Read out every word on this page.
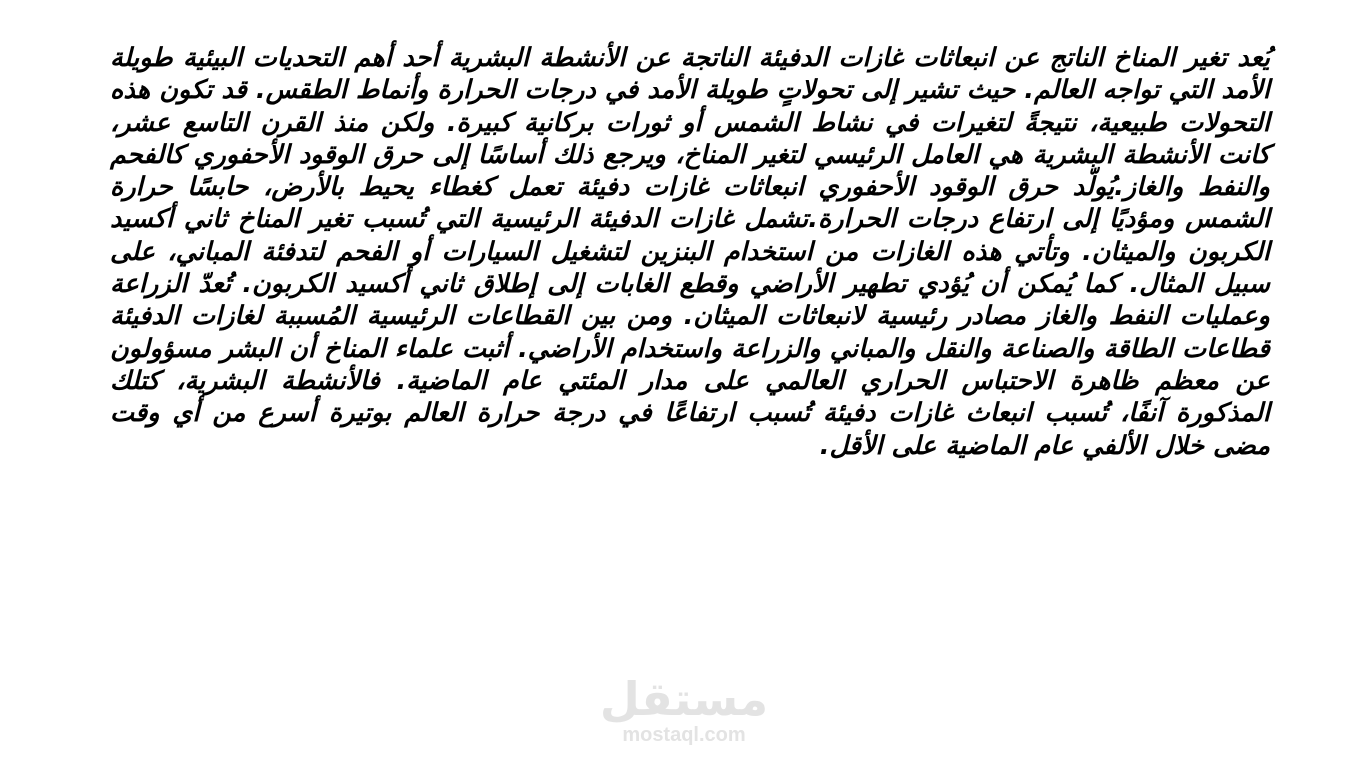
يُعد تغير المناخ الناتج عن انبعاثات غازات الدفيئة الناتجة عن الأنشطة البشرية أحد أهم التحديات البيئية طويلة الأمد التي تواجه العالم. حيث تشير إلى تحولاتٍ طويلة الأمد في درجات الحرارة وأنماط الطقس. قد تكون هذه التحولات طبيعية، نتيجةً لتغيرات في نشاط الشمس أو ثورات بركانية كبيرة. ولكن منذ القرن التاسع عشر، كانت الأنشطة البشرية هي العامل الرئيسي لتغير المناخ، ويرجع ذلك أساسًا إلى حرق الوقود الأحفوري كالفحم والنفط والغاز.يُولّد حرق الوقود الأحفوري انبعاثات غازات دفيئة تعمل كغطاء يحيط بالأرض، حابسًا حرارة الشمس ومؤديًا إلى ارتفاع درجات الحرارة.تشمل غازات الدفيئة الرئيسية التي تُسبب تغير المناخ ثاني أكسيد الكربون والميثان. وتأتي هذه الغازات من استخدام البنزين لتشغيل السيارات أو الفحم لتدفئة المباني، على سبيل المثال. كما يُمكن أن يُؤدي تطهير الأراضي وقطع الغابات إلى إطلاق ثاني أكسيد الكربون. تُعدّ الزراعة وعمليات النفط والغاز مصادر رئيسية لانبعاثات الميثان. ومن بين القطاعات الرئيسية المُسببة لغازات الدفيئة قطاعات الطاقة والصناعة والنقل والمباني والزراعة واستخدام الأراضي. أثبت علماء المناخ أن البشر مسؤولون عن معظم ظاهرة الاحتباس الحراري العالمي على مدار المئتي عام الماضية. فالأنشطة البشرية، كتلك المذكورة آنفًا، تُسبب انبعاث غازات دفيئة تُسبب ارتفاعًا في درجة حرارة العالم بوتيرة أسرع من أي وقت مضى خلال الألفي عام الماضية على الأقل.
مستقل
mostaql.com
